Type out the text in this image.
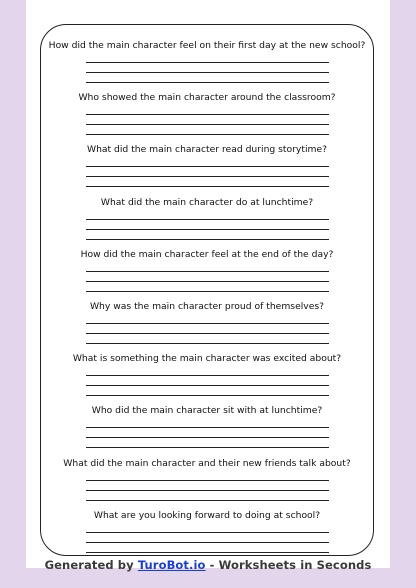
How did the main character feel on their first day at the new school?
Who showed the main character around the classroom?
What did the main character read during storytime?
What did the main character do at lunchtime?
How did the main character feel at the end of the day?
Why was the main character proud of themselves?
What is something the main character was excited about?
Who did the main character sit with at lunchtime?
What did the main character and their new friends talk about?
What are you looking forward to doing at school?
Generated by TuroBot.io - Worksheets in Seconds
